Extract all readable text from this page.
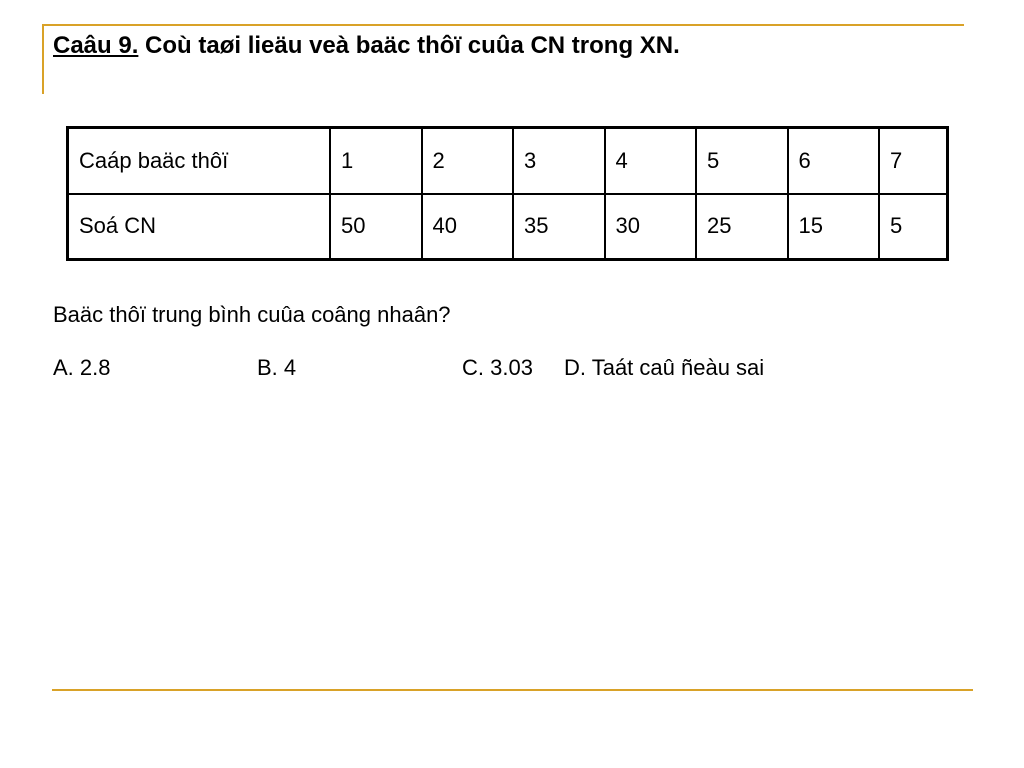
Caâu 9. Coù taøi lieäu veà baäc thôï cuûa CN trong XN.
Caáp baäc thôï	1	2	3	4	5	6	7
Soá CN	50	40	35	30	25	15	5
Baäc thôï trung bình cuûa coâng nhaân?
A. 2.8	B. 4	C. 3.03 D. Taát caû ñeàu sai
